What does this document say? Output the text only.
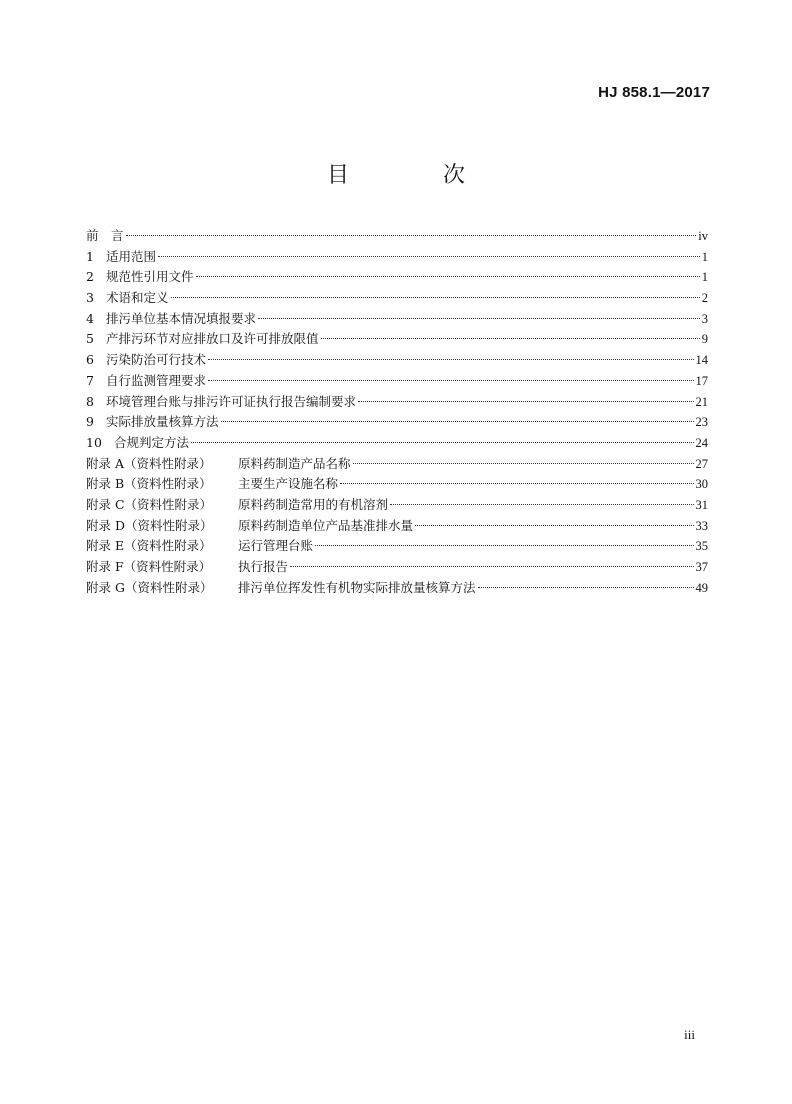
HJ 858.1—2017
目　次
前　言	iv
1 适用范围	1
2 规范性引用文件	1
3 术语和定义	2
4 排污单位基本情况填报要求	3
5 产排污环节对应排放口及许可排放限值	9
6 污染防治可行技术	14
7 自行监测管理要求	17
8 环境管理台账与排污许可证执行报告编制要求	21
9 实际排放量核算方法	23
10 合规判定方法	24
附录 A（资料性附录）	原料药制造产品名称	27
附录 B（资料性附录）	主要生产设施名称	30
附录 C（资料性附录）	原料药制造常用的有机溶剂	31
附录 D（资料性附录）	原料药制造单位产品基准排水量	33
附录 E（资料性附录）	运行管理台账	35
附录 F（资料性附录）	执行报告	37
附录 G（资料性附录）	排污单位挥发性有机物实际排放量核算方法	49
iii
